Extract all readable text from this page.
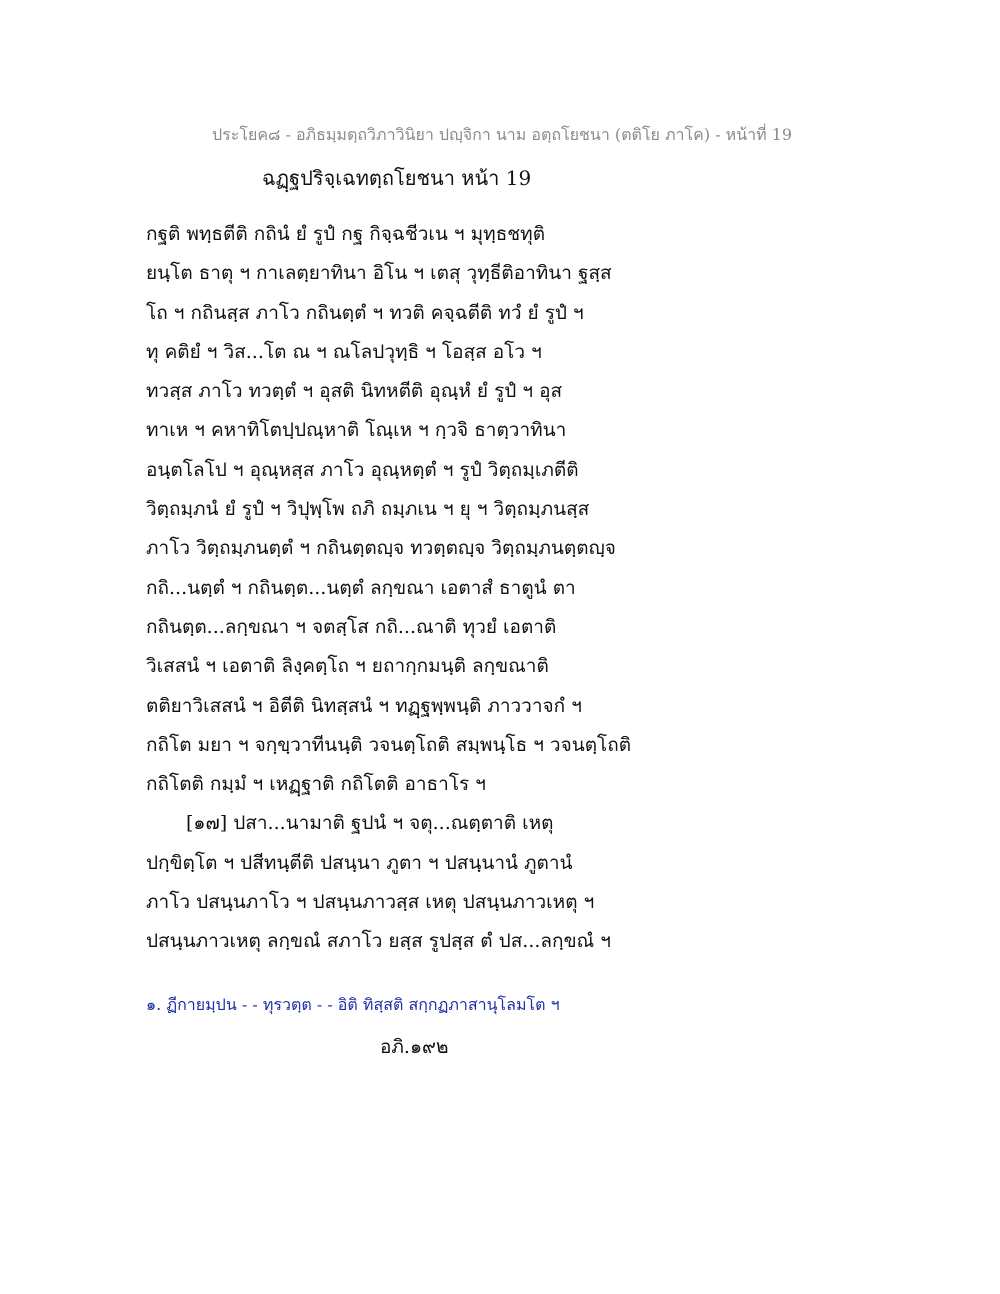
ประโยค๘ - อภิธมฺมตฺถวิภาวินิยา ปญฺจิกา นาม อตฺถโยชนา (ตติโย ภาโค) - หน้าที่ 19
ฉฏฺฐปริจฺเฉทตฺถโยชนา หน้า 19
กฐติ พทฺธตีติ กถินํ ยํ รูปํ กฐ กิจฺฉชีวเน ฯ มุทฺธชทุติ
ยนฺโต ธาตุ ฯ กาเลตฺยาทินา อิโน ฯ เตสุ วุทฺธีติอาทินา ฐสฺส
โถ ฯ กถินสฺส ภาโว กถินตฺตํ ฯ ทวติ คจฺฉตีติ ทวํ ยํ รูปํ ฯ
ทุ คติยํ ฯ วิส...โต ณ ฯ ณโลปวุทฺธิ ฯ โอสฺส อโว ฯ
ทวสฺส ภาโว ทวตฺตํ ฯ อุสติ นิทหตีติ อุณฺหํ ยํ รูปํ ฯ อุส
ทาเห ฯ คหาทิโตปฺปณฺหาติ โณฺเห ฯ กฺวจิ ธาตฺวาทินา
อนฺตโลโป ฯ อุณฺหสฺส ภาโว อุณฺหตฺตํ ฯ รูปํ วิตฺถมฺเภตีติ
วิตฺถมฺภนํ ยํ รูปํ ฯ วิปุพฺโพ ถภิ ถมฺภเน ฯ ยุ ฯ วิตฺถมฺภนสฺส
ภาโว วิตฺถมฺภนตฺตํ ฯ กถินตฺตญฺจ ทวตฺตญฺจ วิตฺถมฺภนตฺตญฺจ
กถิ...นตฺตํ ฯ กถินตฺต...นตฺตํ ลกฺขณา เอตาสํ ธาตูนํ ตา
กถินตฺต...ลกฺขณา ฯ จตสฺโส กถิ...ณาติ ทุวยํ เอตาติ
วิเสสนํ ฯ เอตาติ ลิงฺคตฺโถ ฯ ยถากฺกมนฺติ ลกฺขณาติ
ตติยาวิเสสนํ ฯ อิตีติ นิทสฺสนํ ฯ ทฏฺฐพฺพนฺติ ภาววาจกํ ฯ
กถิโต มยา ฯ จกฺขฺวาทีนนฺติ วจนตฺโถติ สมฺพนฺโธ ฯ วจนตฺโถติ
กถิโตติ กมฺมํ ฯ เหฏฺฐาติ กถิโตติ อาธาโร ฯ
[๑๗] ปสา...นามาติ ฐปนํ ฯ จตุ...ณตฺตาติ เหตุ
ปกฺขิตฺโต ฯ ปสีทนฺตีติ ปสนฺนา ภูตา ฯ ปสนฺนานํ ภูตานํ
ภาโว ปสนฺนภาโว ฯ ปสนฺนภาวสฺส เหตุ ปสนฺนภาวเหตุ ฯ
ปสนฺนภาวเหตุ ลกฺขณํ สภาโว ยสฺส รูปสฺส ตํ ปส...ลกฺขณํ ฯ
๑. ฏีกายมฺปน - - ทุรวตฺต - - อิติ ทิสฺสติ สกฺกฏภาสานุโลมโต ฯ
อภิ.๑๙๒
